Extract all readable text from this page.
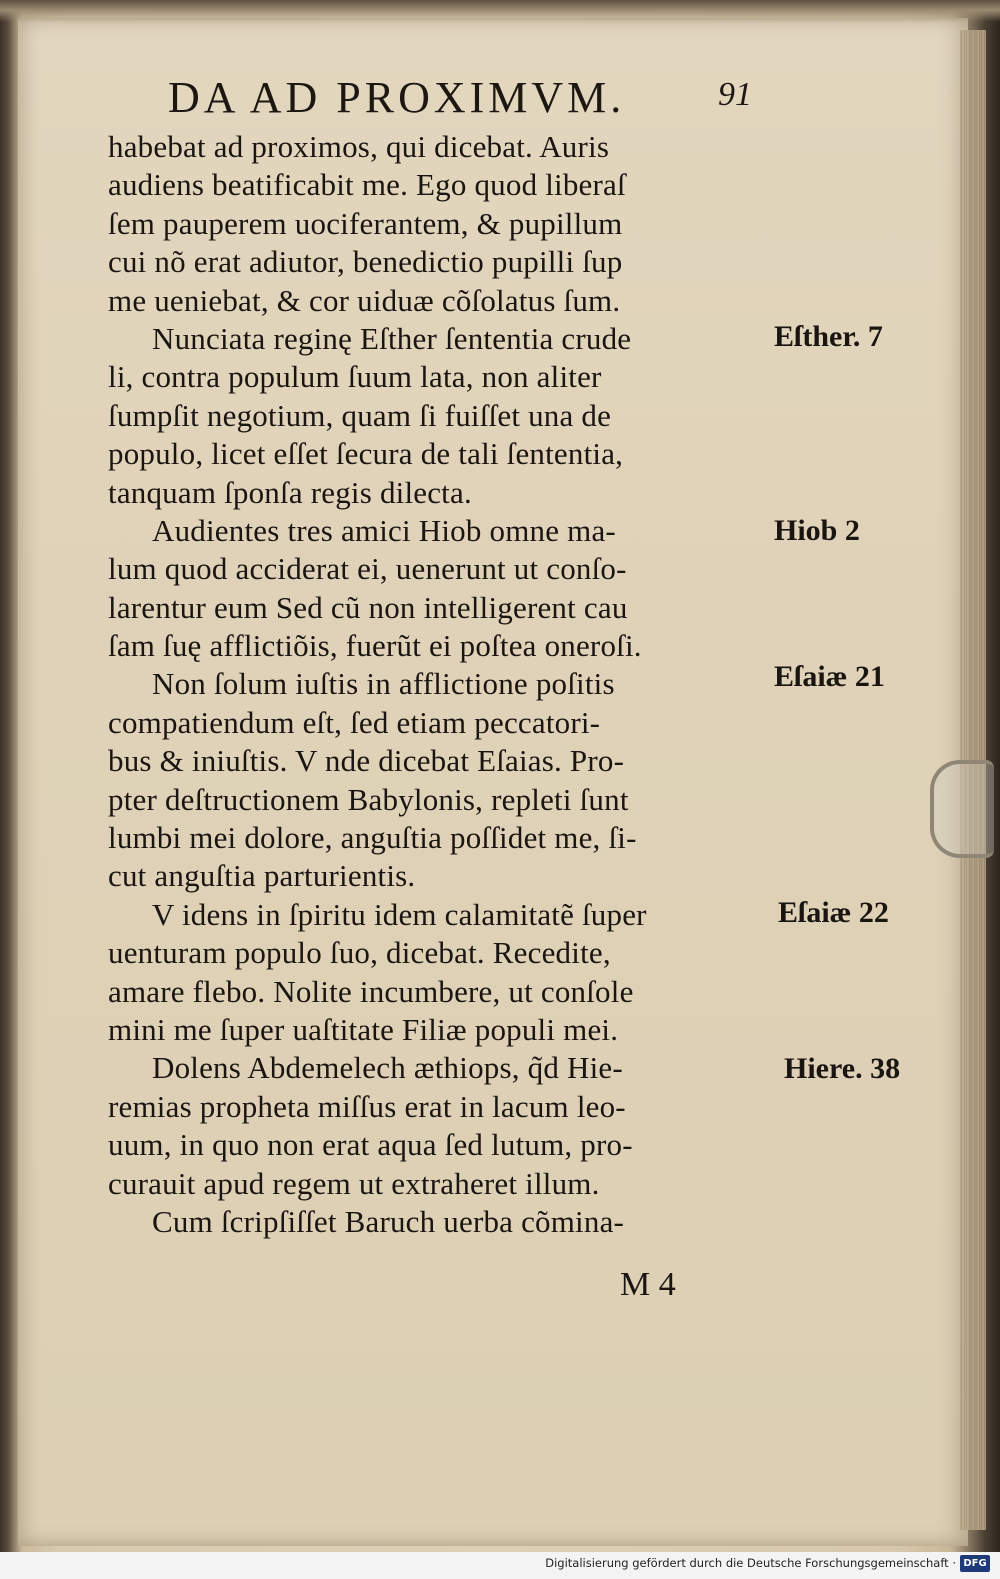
DA AD PROXIMVM.	91
habebat ad proximos, qui dicebat. Auris
audiens beatificabit me. Ego quod liberaſ
ſem pauperem uociferantem, & pupillum
cui nõ erat adiutor, benedictio pupilli ſup
me ueniebat, & cor uiduæ cõſolatus ſum.
Nunciata reginę Eſther ſententia crude
li, contra populum ſuum lata, non aliter
ſumpſit negotium, quam ſi fuiſſet una de
populo, licet eſſet ſecura de tali ſententia,
tanquam ſponſa regis dilecta.
Audientes tres amici Hiob omne ma-
lum quod acciderat ei, uenerunt ut conſo-
larentur eum Sed cũ non intelligerent cau
ſam ſuę afflictiõis, fuerũt ei poſtea oneroſi.
Non ſolum iuſtis in afflictione poſitis
compatiendum eſt, ſed etiam peccatori-
bus & iniuſtis. V nde dicebat Eſaias. Pro-
pter deſtructionem Babylonis, repleti ſunt
lumbi mei dolore, anguſtia poſſidet me, ſi-
cut anguſtia parturientis.
V idens in ſpiritu idem calamitatẽ ſuper
uenturam populo ſuo, dicebat. Recedite,
amare flebo. Nolite incumbere, ut conſole
mini me ſuper uaſtitate Filiæ populi mei.
Dolens Abdemelech æthiops, q̃d Hie-
remias propheta miſſus erat in lacum leo-
uum, in quo non erat aqua ſed lutum, pro-
curauit apud regem ut extraheret illum.
Cum ſcripſiſſet Baruch uerba cõmina-
Eſther. 7
Hiob 2
Eſaiæ 21
Eſaiæ 22
Hiere. 38
M 4
Digitalisierung gefördert durch die Deutsche Forschungsgemeinschaft · DFG
